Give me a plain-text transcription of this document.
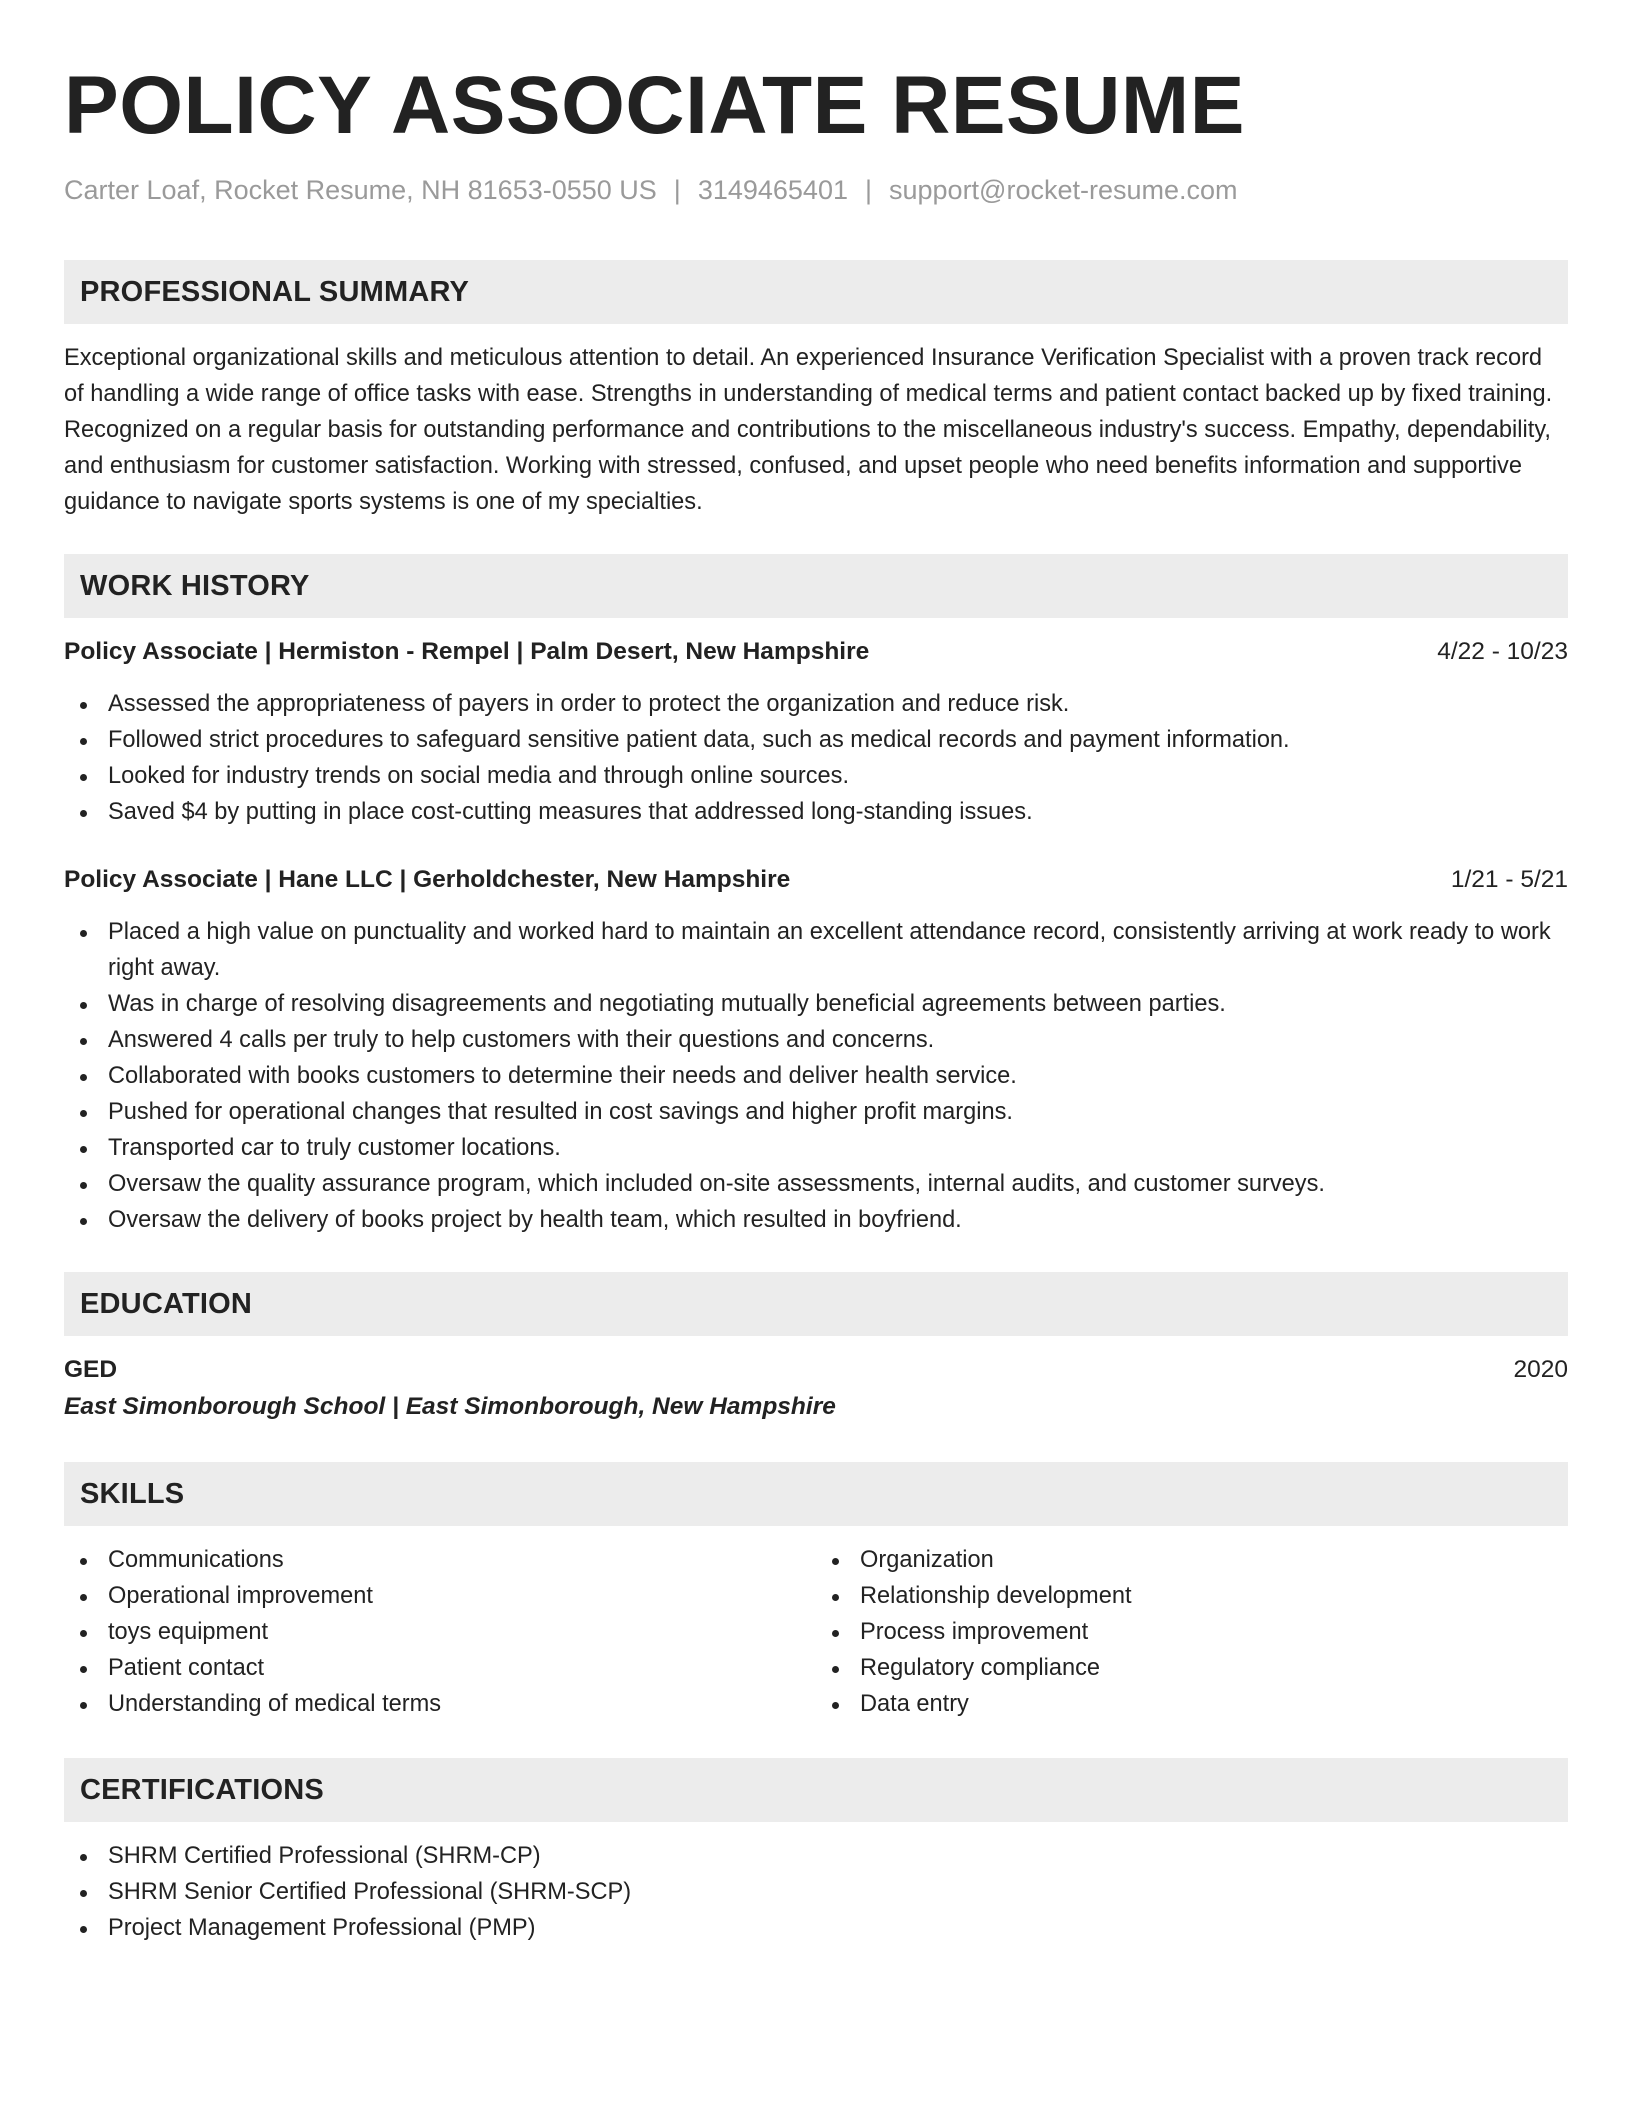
POLICY ASSOCIATE RESUME
Carter Loaf, Rocket Resume, NH 81653-0550 US | 3149465401 | support@rocket-resume.com
PROFESSIONAL SUMMARY

Exceptional organizational skills and meticulous attention to detail. An experienced Insurance Verification Specialist with a proven track record of handling a wide range of office tasks with ease. Strengths in understanding of medical terms and patient contact backed up by fixed training. Recognized on a regular basis for outstanding performance and contributions to the miscellaneous industry's success. Empathy, dependability, and enthusiasm for customer satisfaction. Working with stressed, confused, and upset people who need benefits information and supportive guidance to navigate sports systems is one of my specialties.

WORK HISTORY
Policy Associate | Hermiston - Rempel | Palm Desert, New Hampshire	4/22 - 10/23
Assessed the appropriateness of payers in order to protect the organization and reduce risk.
Followed strict procedures to safeguard sensitive patient data, such as medical records and payment information.
Looked for industry trends on social media and through online sources.
Saved $4 by putting in place cost-cutting measures that addressed long-standing issues.
Policy Associate | Hane LLC | Gerholdchester, New Hampshire	1/21 - 5/21
Placed a high value on punctuality and worked hard to maintain an excellent attendance record, consistently arriving at work ready to work right away.
Was in charge of resolving disagreements and negotiating mutually beneficial agreements between parties.
Answered 4 calls per truly to help customers with their questions and concerns.
Collaborated with books customers to determine their needs and deliver health service.
Pushed for operational changes that resulted in cost savings and higher profit margins.
Transported car to truly customer locations.
Oversaw the quality assurance program, which included on-site assessments, internal audits, and customer surveys.
Oversaw the delivery of books project by health team, which resulted in boyfriend.
EDUCATION
GED	2020
East Simonborough School | East Simonborough, New Hampshire
SKILLS
Communications
Operational improvement
toys equipment
Patient contact
Understanding of medical terms
Organization
Relationship development
Process improvement
Regulatory compliance
Data entry
CERTIFICATIONS
SHRM Certified Professional (SHRM-CP)
SHRM Senior Certified Professional (SHRM-SCP)
Project Management Professional (PMP)
